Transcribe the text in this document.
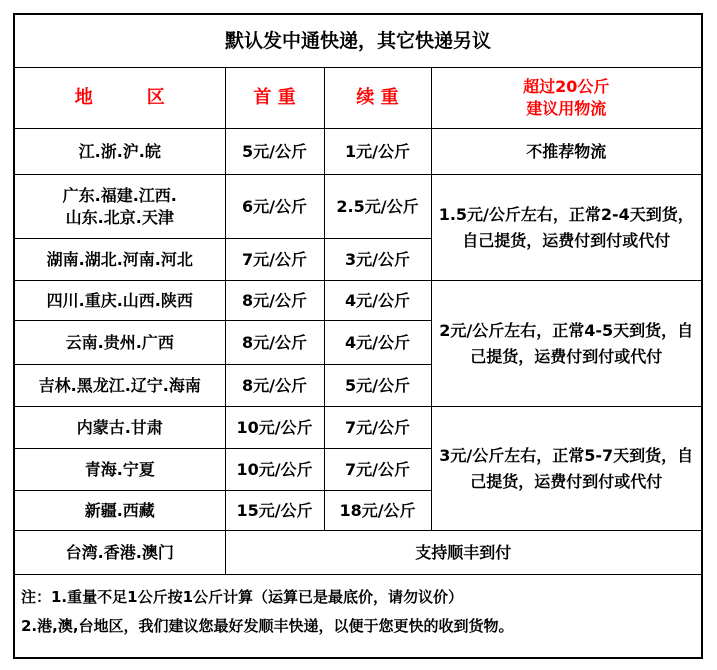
默认发中通快递，其它快递另议			
地　　　区	首 重	续 重	超过20公斤
建议用物流

江.浙.沪.皖	5元/公斤	1元/公斤	不推荐物流

广东.福建.江西.
山东.北京.天津	6元/公斤	2.5元/公斤	1.5元/公斤左右，正常2-4天到货，自己提货，运费付到付或代付
湖南.湖北.河南.河北	7元/公斤	3元/公斤	
四川.重庆.山西.陕西	8元/公斤	4元/公斤	2元/公斤左右，正常4-5天到货，自己提货，运费付到付或代付
云南.贵州.广西	8元/公斤	4元/公斤	
吉林.黑龙江.辽宁.海南	8元/公斤	5元/公斤	
内蒙古.甘肃	10元/公斤	7元/公斤	3元/公斤左右，正常5-7天到货，自己提货，运费付到付或代付
青海.宁夏	10元/公斤	7元/公斤	
新疆.西藏	15元/公斤	18元/公斤	
台湾.香港.澳门	支持顺丰到付		

注：1.重量不足1公斤按1公斤计算（运算已是最底价，请勿议价）
2.港,澳,台地区，我们建议您最好发顺丰快递，以便于您更快的收到货物。			
